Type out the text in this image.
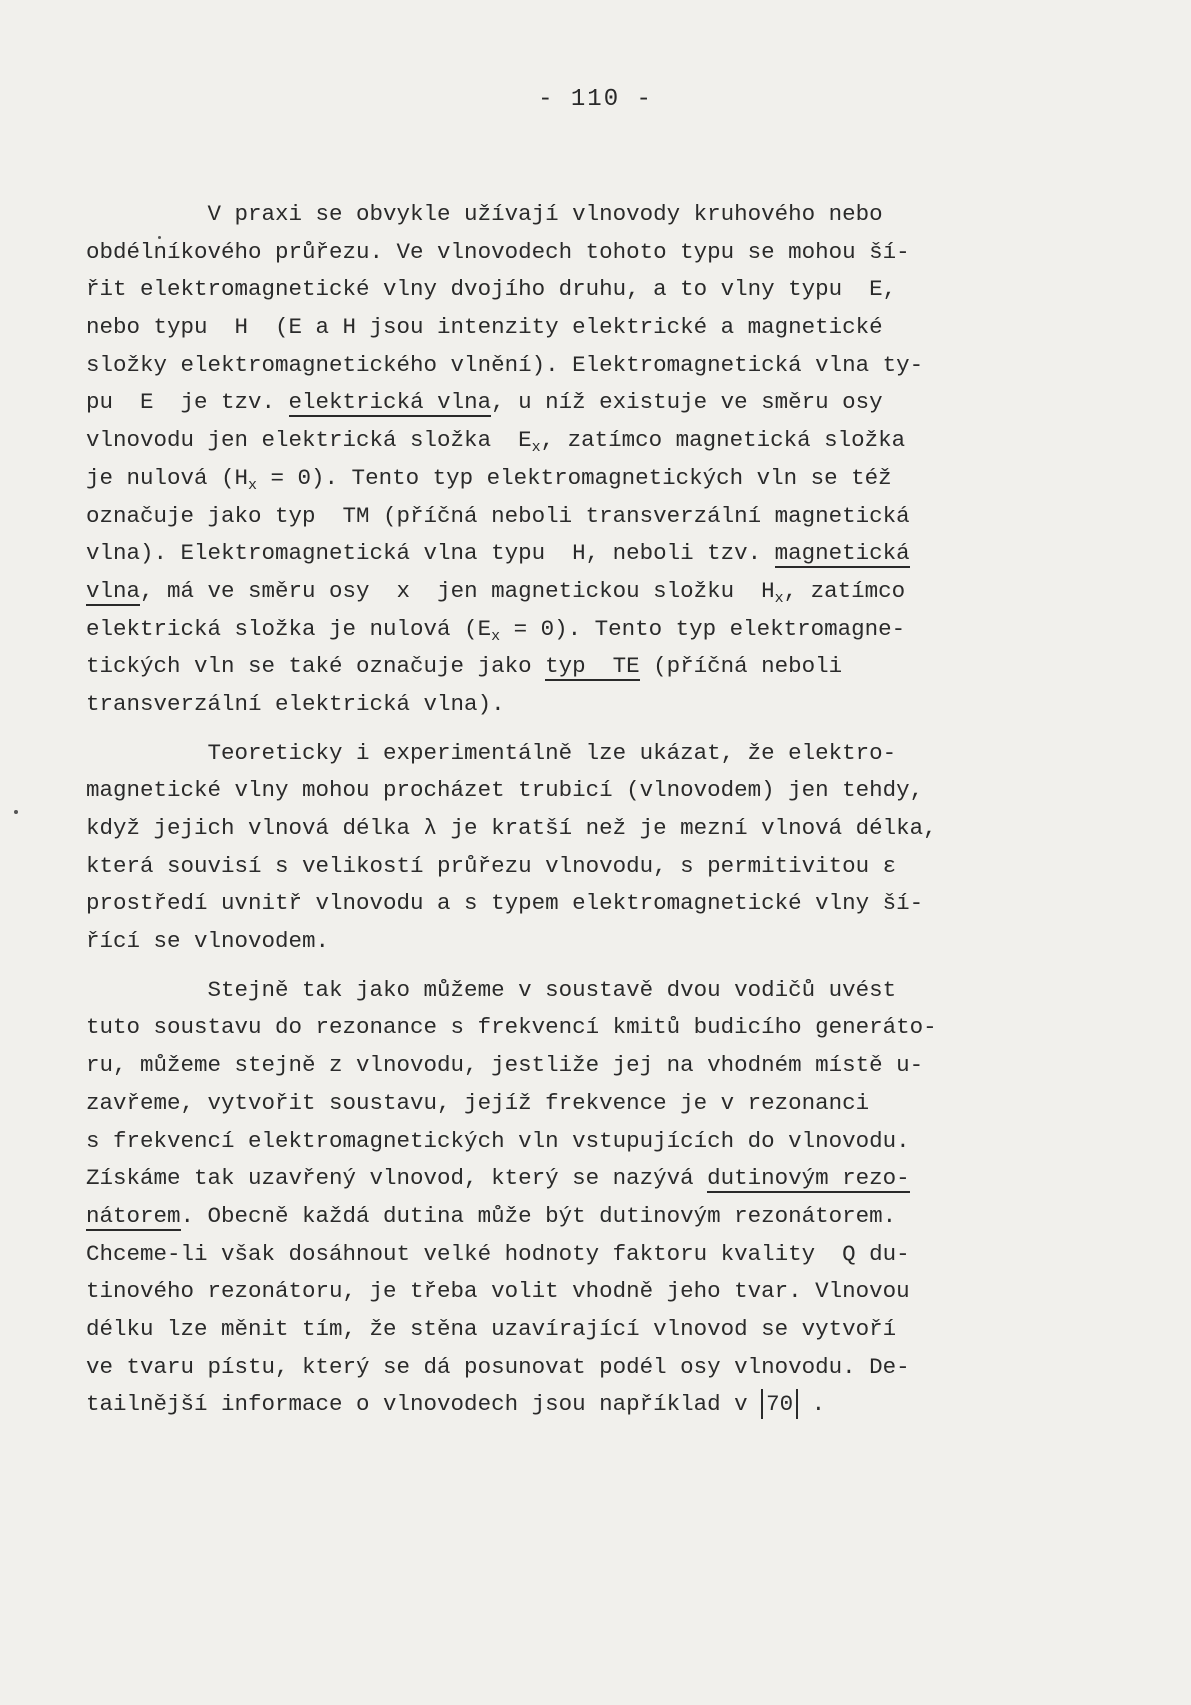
- 110 -

V praxi se obvykle užívají vlnovody kruhového nebo
obdélníkového průřezu. Ve vlnovodech tohoto typu se mohou ší-
řit elektromagnetické vlny dvojího druhu, a to vlny typu  E,
nebo typu  H  (E a H jsou intenzity elektrické a magnetické
složky elektromagnetického vlnění). Elektromagnetická vlna ty-
pu  E  je tzv. elektrická vlna, u níž existuje ve směru osy
vlnovodu jen elektrická složka  $E_x$, zatímco magnetická složka
je nulová $(H_x = 0)$. Tento typ elektromagnetických vln se též
označuje jako typ  TM (příčná neboli transverzální magnetická
vlna). Elektromagnetická vlna typu  H, neboli tzv. magnetická
vlna, má ve směru osy  x  jen magnetickou složku  $H_x$, zatímco
elektrická složka je nulová $(E_x = 0)$. Tento typ elektromagne-
tických vln se také označuje jako typ  TE (příčná neboli
transverzální elektrická vlna).

Teoreticky i experimentálně lze ukázat, že elektro-
magnetické vlny mohou procházet trubicí (vlnovodem) jen tehdy,
když jejich vlnová délka λ je kratší než je mezní vlnová délka,
která souvisí s velikostí průřezu vlnovodu, s permitivitou ε
prostředí uvnitř vlnovodu a s typem elektromagnetické vlny ší-
řící se vlnovodem.

Stejně tak jako můžeme v soustavě dvou vodičů uvést
tuto soustavu do rezonance s frekvencí kmitů budicího generáto-
ru, můžeme stejně z vlnovodu, jestliže jej na vhodném místě u-
zavřeme, vytvořit soustavu, jejíž frekvence je v rezonanci
s frekvencí elektromagnetických vln vstupujících do vlnovodu.
Získáme tak uzavřený vlnovod, který se nazývá dutinovým rezo-
nátorem. Obecně každá dutina může být dutinovým rezonátorem.
Chceme-li však dosáhnout velké hodnoty faktoru kvality  Q du-
tinového rezonátoru, je třeba volit vhodně jeho tvar. Vlnovou
délku lze měnit tím, že stěna uzavírající vlnovod se vytvoří
ve tvaru pístu, který se dá posunovat podél osy vlnovodu. De-
tailnější informace o vlnovodech jsou například v 70 .
